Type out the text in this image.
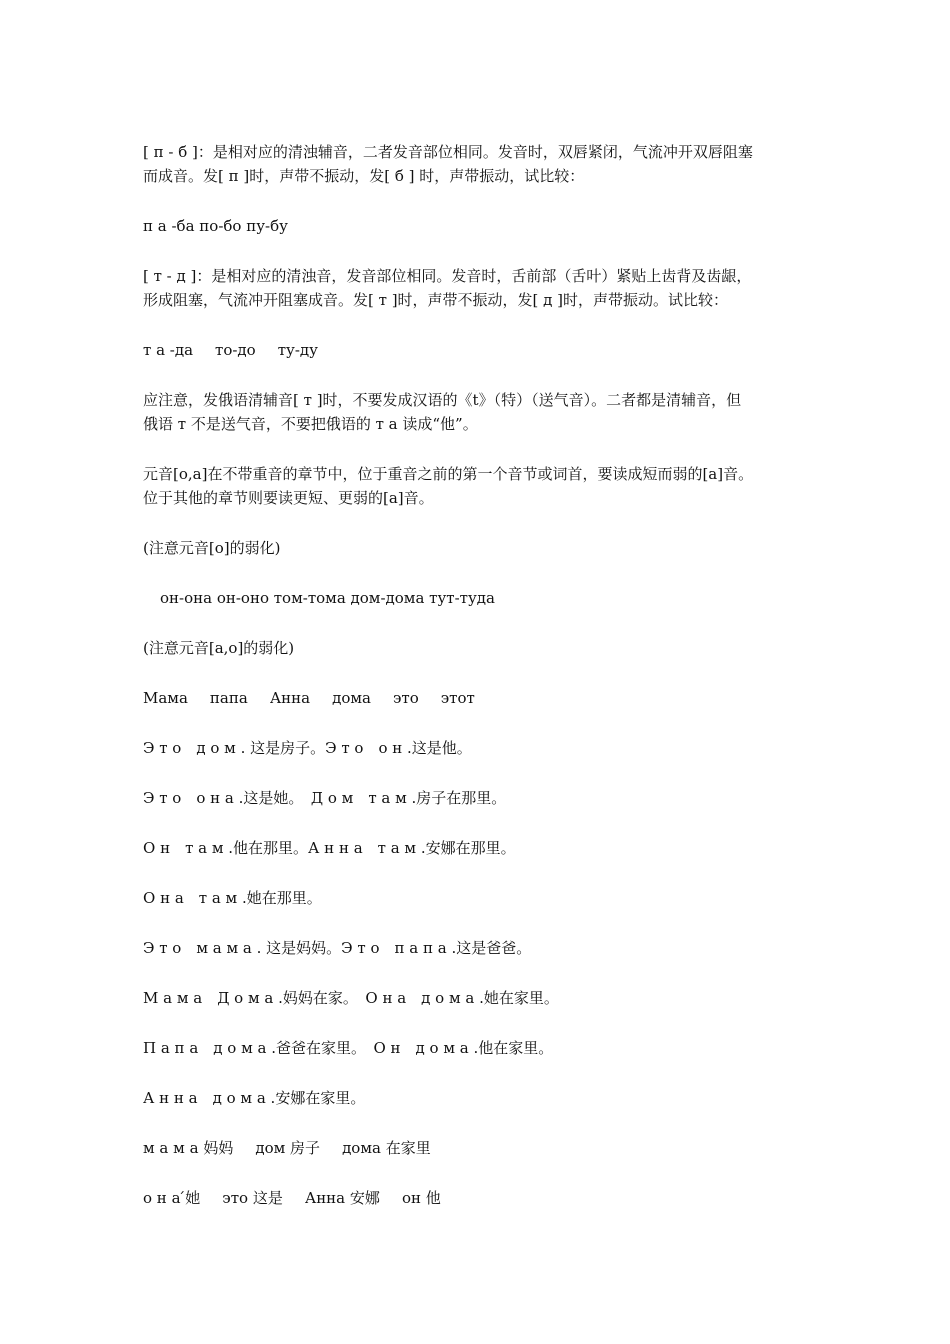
[ п - б ]：是相对应的清浊辅音，二者发音部位相同。发音时，双唇紧闭，气流冲开双唇阻塞

而成音。发[ п ]时，声带不振动，发[ б ] 时，声带振动，试比较：

п а -ба по-бо пу-бу

[ т - д ]：是相对应的清浊音，发音部位相同。发音时，舌前部（舌叶）紧贴上齿背及齿龈，

形成阻塞，气流冲开阻塞成音。发[ т ]时，声带不振动，发[ д ]时，声带振动。试比较：

т а -да то-до ту-ду

应注意，发俄语清辅音[ т ]时，不要发成汉语的《t》（特）（送气音）。二者都是清辅音，但

俄语 т 不是送气音，不要把俄语的 т а 读成“他”。

元音[o,a]在不带重音的章节中，位于重音之前的第一个音节或词首，要读成短而弱的[a]音。

位于其他的章节则要读更短、更弱的[a]音。

(注意元音[o]的弱化)

он-она он-оно том-тома дом-дома тут-туда

(注意元音[a,o]的弱化)

Мама папа Анна дома это этот

Э т о　д о м . 这是房子。Э т о　о н .这是他。

Э т о　о н а .这是她。　Д о м　т а м .房子在那里。

О н　т а м .他在那里。А н н а　т а м .安娜在那里。

О н а　т а м .她在那里。

Э т о　м а м а . 这是妈妈。Э т о　п а п а .这是爸爸。

М а м а　Д о м а .妈妈在家。　О н а　д о м а .她在家里。

П а п а　д о м а .爸爸在家里。　О н　д о м а .他在家里。

А н н а　д о м а .安娜在家里。

м а м а 妈妈 дом 房子 дома 在家里

о н а ́她 это 这是 Анна 安娜 он 他
